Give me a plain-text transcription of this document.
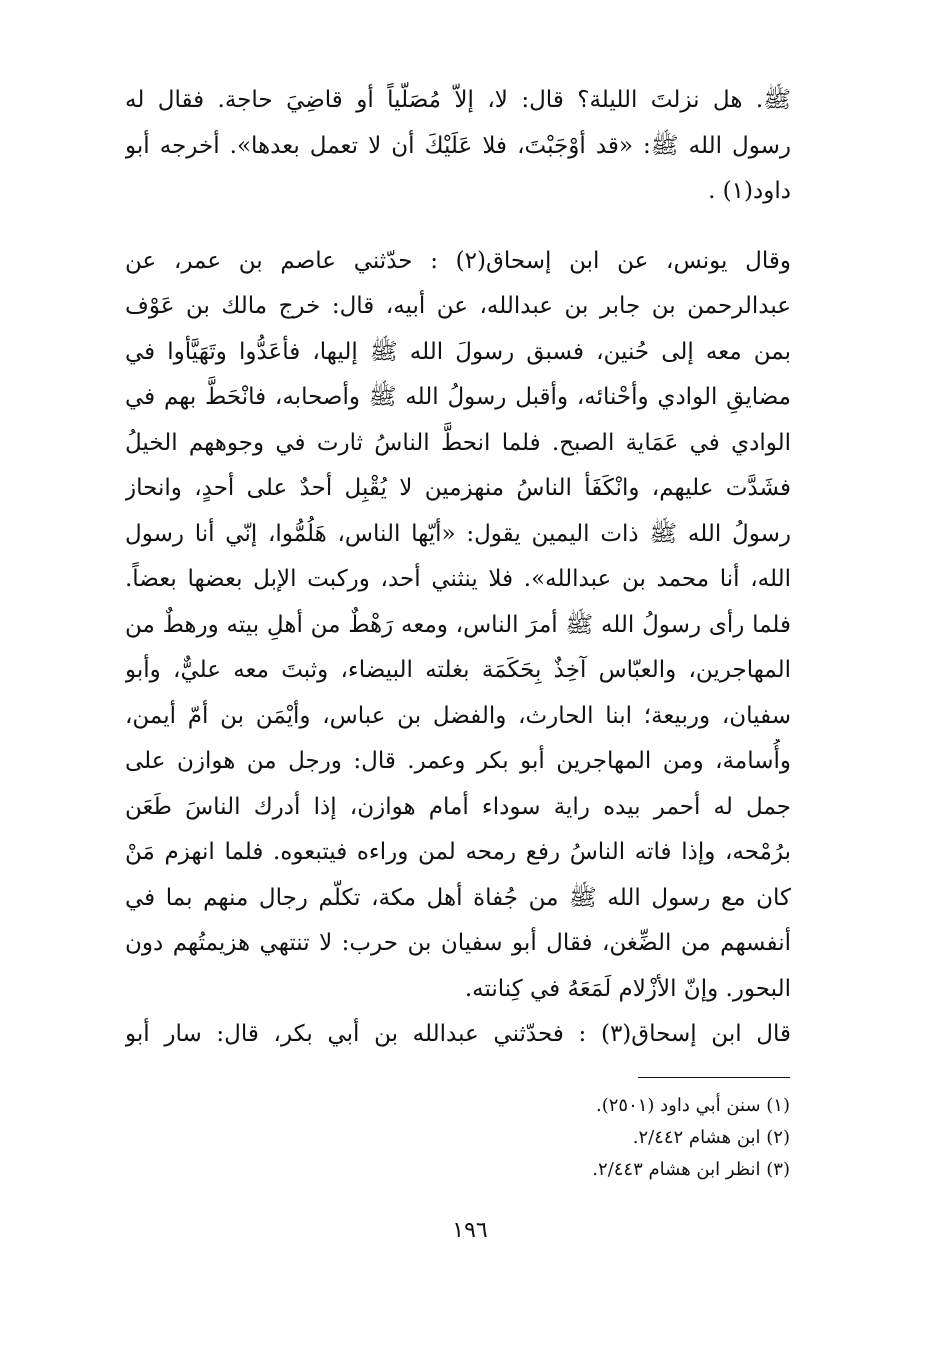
ﷺ. هل نزلتَ الليلة؟ قال: لا، إلاّ مُصَلّياً أو قاضِيَ حاجة. فقال له
رسول الله ﷺ: «قد أوْجَبْتَ، فلا عَلَيْكَ أن لا تعمل بعدها». أخرجه أبو
داود(١) .
وقال يونس، عن ابن إسحاق(٢) : حدّثني عاصم بن عمر، عن
عبدالرحمن بن جابر بن عبدالله، عن أبيه، قال: خرج مالك بن عَوْف
بمن معه إلى حُنين، فسبق رسولَ الله ﷺ إليها، فأعَدُّوا وتَهَيَّأوا في
مضايقِ الوادي وأحْنائه، وأقبل رسولُ الله ﷺ وأصحابه، فانْحَطَّ بهم في
الوادي في عَمَاية الصبح. فلما انحطَّ الناسُ ثارت في وجوههم الخيلُ
فشَدَّت عليهم، وانْكَفَأ الناسُ منهزمين لا يُقْبِل أحدٌ على أحدٍ، وانحاز
رسولُ الله ﷺ ذات اليمين يقول: «أيّها الناس، هَلُمُّوا، إنّي أنا رسول
الله، أنا محمد بن عبدالله». فلا ينثني أحد، وركبت الإبل بعضها بعضاً.
فلما رأى رسولُ الله ﷺ أمرَ الناس، ومعه رَهْطٌ من أهلِ بيته ورهطٌ من
المهاجرين، والعبّاس آخِذٌ بِحَكَمَة بغلته البيضاء، وثبتَ معه عليٌّ، وأبو
سفيان، وربيعة؛ ابنا الحارث، والفضل بن عباس، وأيْمَن بن أمّ أيمن،
وأُسامة، ومن المهاجرين أبو بكر وعمر. قال: ورجل من هوازن على
جمل له أحمر بيده راية سوداء أمام هوازن، إذا أدرك الناسَ طَعَن
برُمْحه، وإذا فاته الناسُ رفع رمحه لمن وراءه فيتبعوه. فلما انهزم مَنْ
كان مع رسول الله ﷺ من جُفاة أهل مكة، تكلّم رجال منهم بما في
أنفسهم من الضِّغن، فقال أبو سفيان بن حرب: لا تنتهي هزيمتُهم دون
البحور. وإنّ الأزْلام لَمَعَهُ في كِنانته.
قال ابن إسحاق(٣) : فحدّثني عبدالله بن أبي بكر، قال: سار أبو
(١) سنن أبي داود (٢٥٠١).
(٢) ابن هشام ٢/٤٤٢.
(٣) انظر ابن هشام ٢/٤٤٣.
١٩٦
